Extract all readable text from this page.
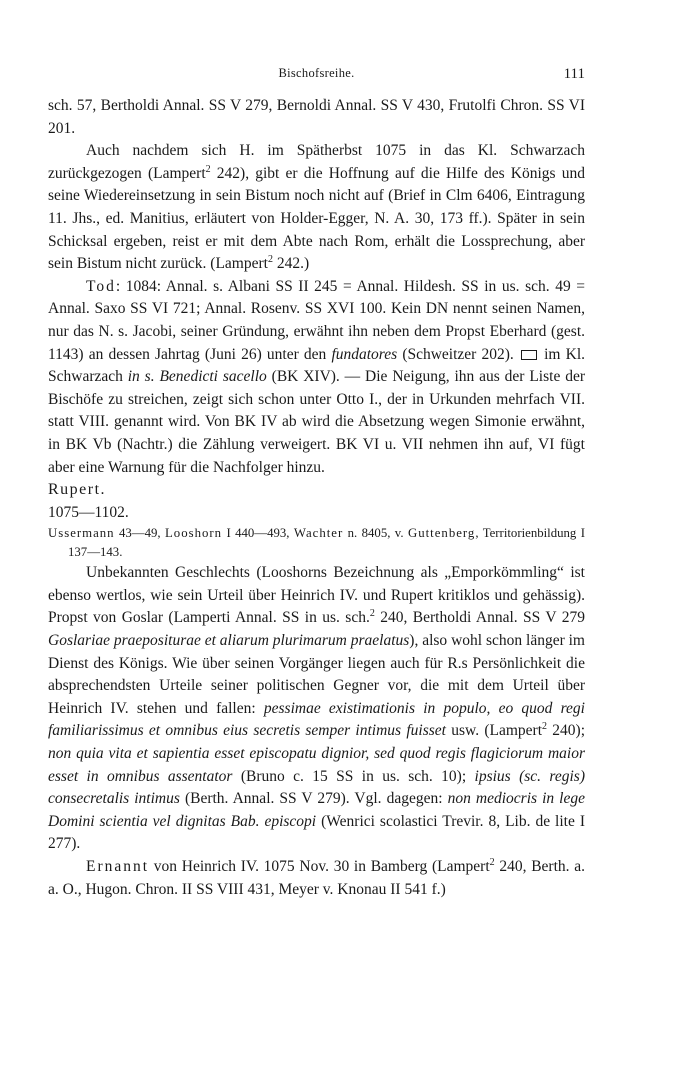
Bischofsreihe.	111

sch. 57, Bertholdi Annal. SS V 279, Bernoldi Annal. SS V 430, Frutolfi Chron. SS VI 201.

Auch nachdem sich H. im Spätherbst 1075 in das Kl. Schwarzach zurückgezogen (Lampert$^2$ 242), gibt er die Hoffnung auf die Hilfe des Königs und seine Wiedereinsetzung in sein Bistum noch nicht auf (Brief in Clm 6406, Eintragung 11. Jhs., ed. Manitius, erläutert von Holder-Egger, N. A. 30, 173 ff.). Später in sein Schicksal ergeben, reist er mit dem Abte nach Rom, erhält die Lossprechung, aber sein Bistum nicht zurück. (Lampert$^2$ 242.)

Tod: 1084: Annal. s. Albani SS II 245 = Annal. Hildesh. SS in us. sch. 49 = Annal. Saxo SS VI 721; Annal. Rosenv. SS XVI 100. Kein DN nennt seinen Namen, nur das N. s. Jacobi, seiner Gründung, erwähnt ihn neben dem Propst Eberhard (gest. 1143) an dessen Jahrtag (Juni 26) unter den fundatores (Schweitzer 202). im Kl. Schwarzach in s. Benedicti sacello (BK XIV). — Die Neigung, ihn aus der Liste der Bischöfe zu streichen, zeigt sich schon unter Otto I., der in Urkunden mehrfach VII. statt VIII. genannt wird. Von BK IV ab wird die Absetzung wegen Simonie erwähnt, in BK Vb (Nachtr.) die Zählung verweigert. BK VI u. VII nehmen ihn auf, VI fügt aber eine Warnung für die Nachfolger hinzu.

Rupert.

1075—1102.

Ussermann 43—49, Looshorn I 440—493, Wachter n. 8405, v. Guttenberg, Territorienbildung I 137—143.

Unbekannten Geschlechts (Looshorns Bezeichnung als „Emporkömmling“ ist ebenso wertlos, wie sein Urteil über Heinrich IV. und Rupert kritiklos und gehässig). Propst von Goslar (Lamperti Annal. SS in us. sch.$^2$ 240, Bertholdi Annal. SS V 279 Goslariae praepositurae et aliarum plurimarum praelatus), also wohl schon länger im Dienst des Königs. Wie über seinen Vorgänger liegen auch für R.s Persönlichkeit die absprechendsten Urteile seiner politischen Gegner vor, die mit dem Urteil über Heinrich IV. stehen und fallen: pessimae existimationis in populo, eo quod regi familiarissimus et omnibus eius secretis semper intimus fuisset usw. (Lampert$^2$ 240); non quia vita et sapientia esset episcopatu dignior, sed quod regis flagiciorum maior esset in omnibus assentator (Bruno c. 15 SS in us. sch. 10); ipsius (sc. regis) consecretalis intimus (Berth. Annal. SS V 279). Vgl. dagegen: non mediocris in lege Domini scientia vel dignitas Bab. episcopi (Wenrici scolastici Trevir. 8, Lib. de lite I 277).

Ernannt von Heinrich IV. 1075 Nov. 30 in Bamberg (Lampert$^2$ 240, Berth. a. a. O., Hugon. Chron. II SS VIII 431, Meyer v. Knonau II 541 f.)
